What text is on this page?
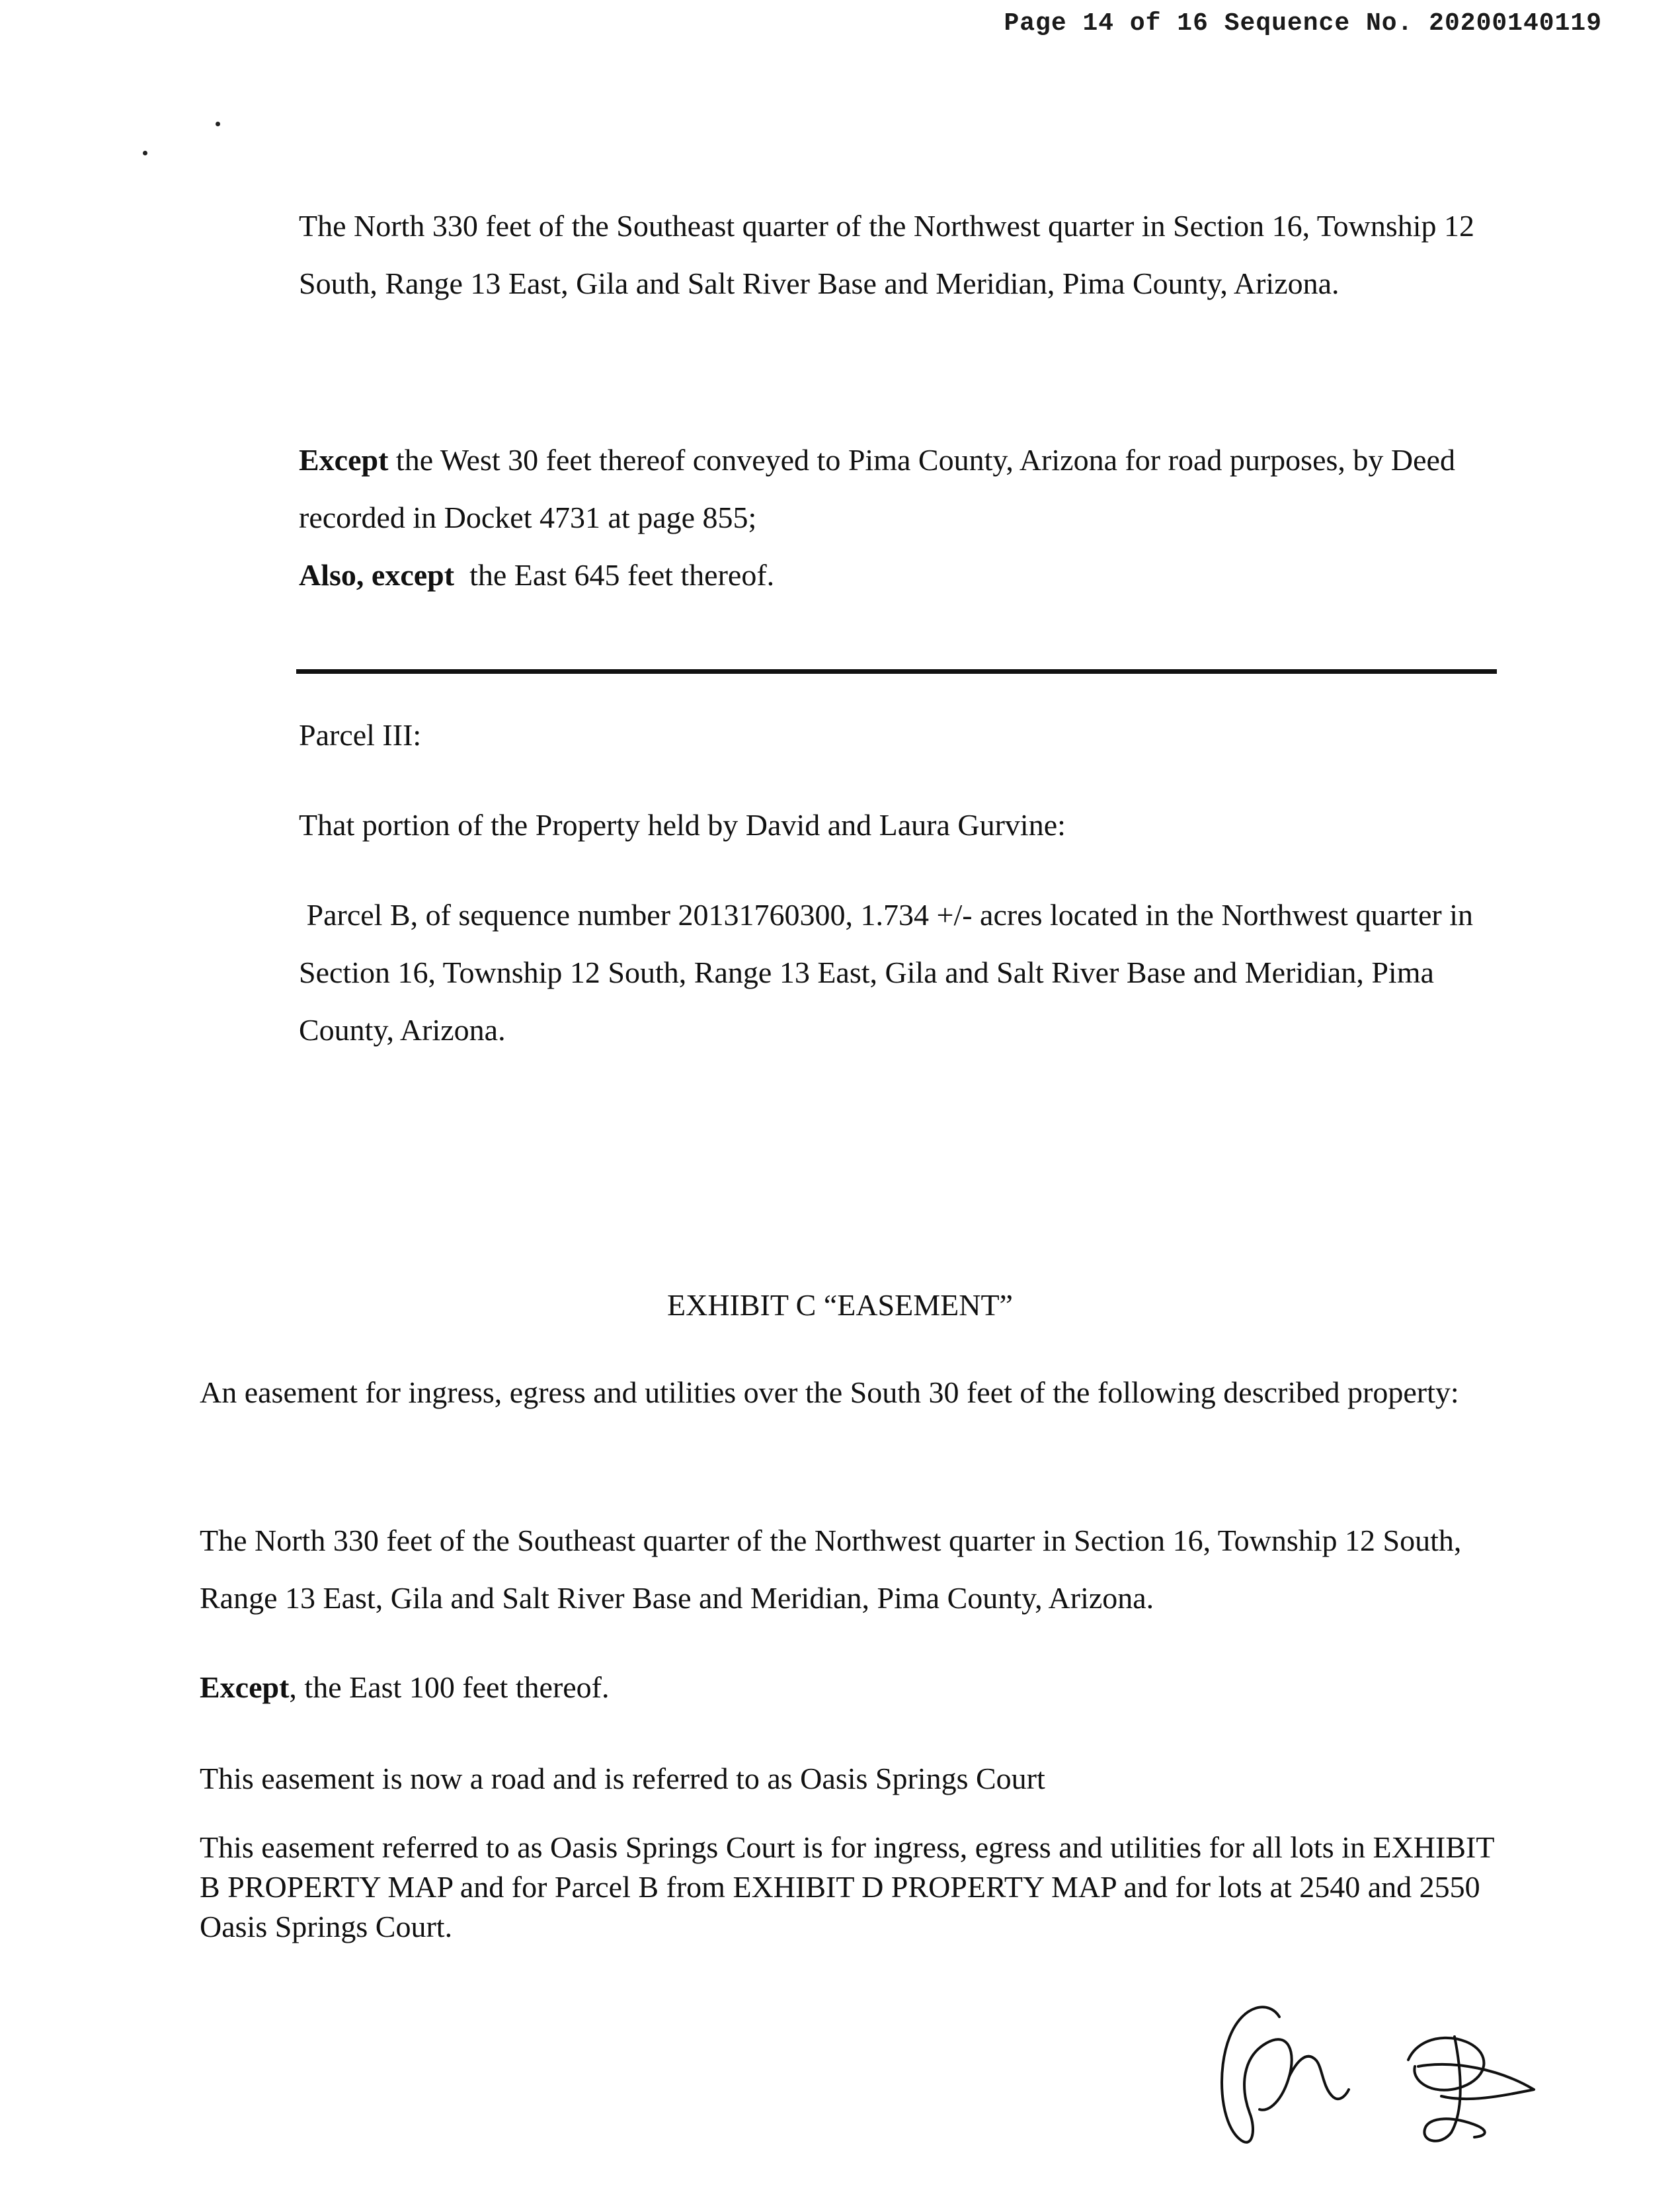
Page 14 of 16 Sequence No. 20200140119

The North 330 feet of the Southeast quarter of the Northwest quarter in Section 16, Township 12 South, Range 13 East, Gila and Salt River Base and Meridian, Pima County, Arizona.

Except the West 30 feet thereof conveyed to Pima County, Arizona for road purposes, by Deed recorded in Docket 4731 at page 855;

Also, except  the East 645 feet thereof.

Parcel III:
That portion of the Property held by David and Laura Gurvine:
Parcel B, of sequence number 20131760300, 1.734 +/- acres located in the Northwest quarter in Section 16, Township 12 South, Range 13 East, Gila and Salt River Base and Meridian, Pima County, Arizona.
EXHIBIT C “EASEMENT”
An easement for ingress, egress and utilities over the South 30 feet of the following described property:
The North 330 feet of the Southeast quarter of the Northwest quarter in Section 16, Township 12 South, Range 13 East, Gila and Salt River Base and Meridian, Pima County, Arizona.
Except, the East 100 feet thereof.
This easement is now a road and is referred to as Oasis Springs Court
This easement referred to as Oasis Springs Court is for ingress, egress and utilities for all lots in EXHIBIT B PROPERTY MAP and for Parcel B from EXHIBIT D PROPERTY MAP and for lots at 2540 and 2550 Oasis Springs Court.
